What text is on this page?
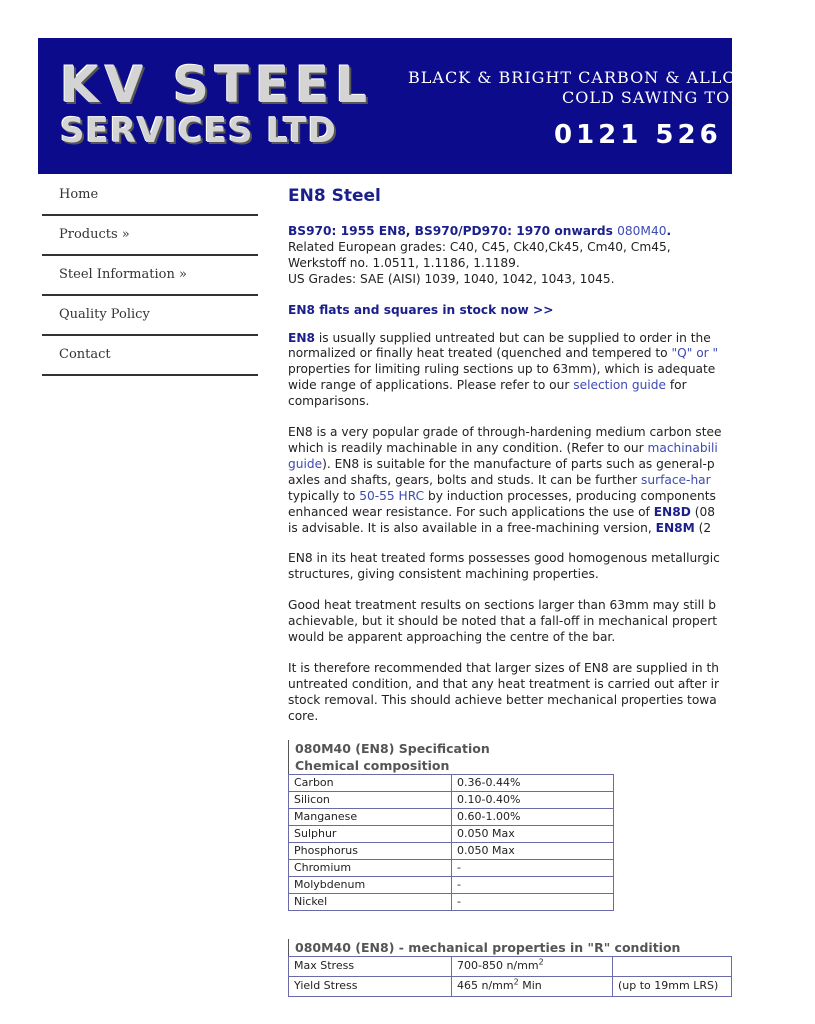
KV STEEL
SERVICES LTD
BLACK & BRIGHT CARBON & ALLOY STEEL
COLD SAWING TO LE
0121 526 56
Home
Products »
Steel Information »
Quality Policy
Contact
EN8 Steel

BS970: 1955 EN8, BS970/PD970: 1970 onwards 080M40.
Related European grades: C40, C45, Ck40,Ck45, Cm40, Cm45,
Werkstoff no. 1.0511, 1.1186, 1.1189.
US Grades: SAE (AISI) 1039, 1040, 1042, 1043, 1045.

EN8 flats and squares in stock now >>

EN8 is usually supplied untreated but can be supplied to order in the
normalized or finally heat treated (quenched and tempered to "Q" or "
properties for limiting ruling sections up to 63mm), which is adequate
wide range of applications. Please refer to our selection guide for
comparisons.

EN8 is a very popular grade of through-hardening medium carbon stee
which is readily machinable in any condition. (Refer to our machinabili
guide). EN8 is suitable for the manufacture of parts such as general-p
axles and shafts, gears, bolts and studs. It can be further surface-har
typically to 50-55 HRC by induction processes, producing components
enhanced wear resistance. For such applications the use of EN8D (08
is advisable. It is also available in a free-machining version, EN8M (2

EN8 in its heat treated forms possesses good homogenous metallurgic
structures, giving consistent machining properties.

Good heat treatment results on sections larger than 63mm may still b
achievable, but it should be noted that a fall-off in mechanical propert
would be apparent approaching the centre of the bar.

It is therefore recommended that larger sizes of EN8 are supplied in th
untreated condition, and that any heat treatment is carried out after ir
stock removal. This should achieve better mechanical properties towa
core.

080M40 (EN8) Specification
Chemical composition
Carbon	0.36-0.44%
Silicon	0.10-0.40%
Manganese	0.60-1.00%
Sulphur	0.050 Max
Phosphorus	0.050 Max
Chromium	-
Molybdenum	-
Nickel	-
080M40 (EN8) - mechanical properties in "R" condition
Max Stress	700-850 $n/mm^2$	
Yield Stress	465 $n/mm^2$ Min	(up to 19mm LRS)
